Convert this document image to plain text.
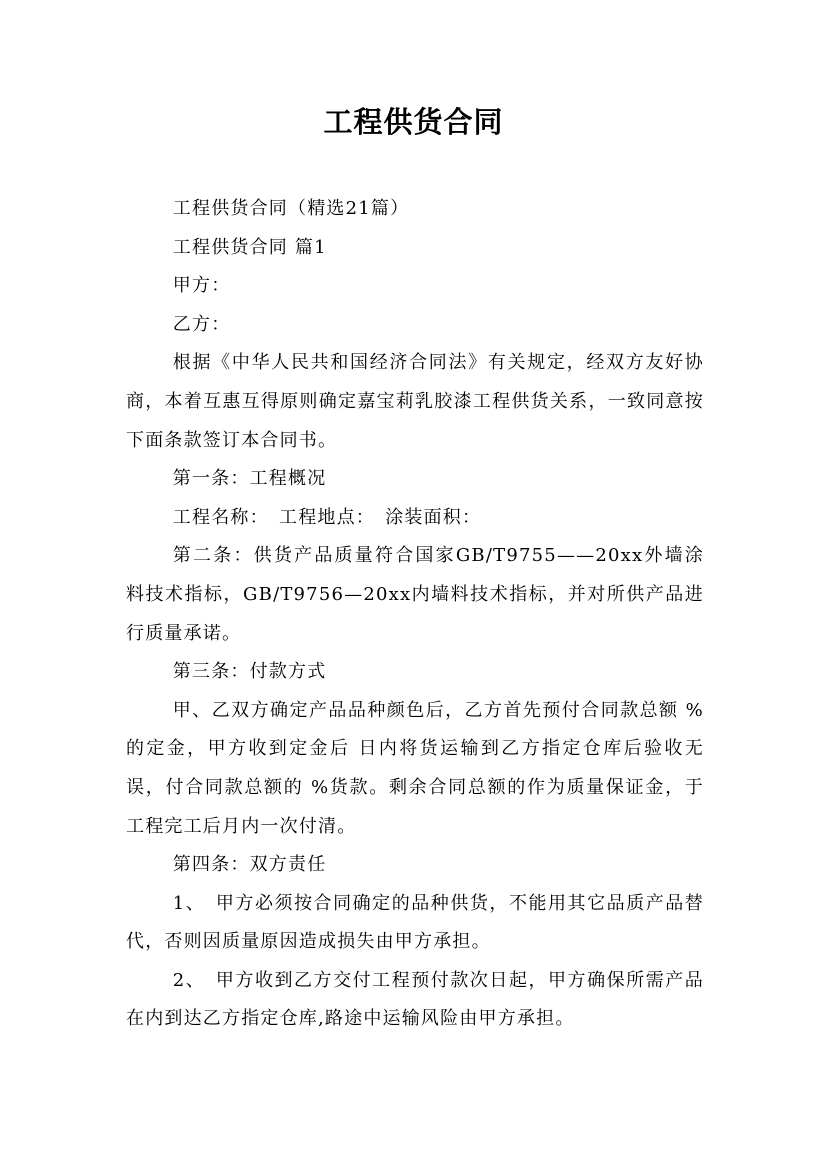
工程供货合同

工程供货合同（精选21篇）

工程供货合同 篇1

甲方：

乙方：

根据《中华人民共和国经济合同法》有关规定，经双方友好协商，本着互惠互得原则确定嘉宝莉乳胶漆工程供货关系，一致同意按下面条款签订本合同书。

第一条：工程概况

工程名称：　工程地点：　涂装面积：

第二条：供货产品质量符合国家GB/T9755——20xx外墙涂料技术指标，GB/T9756—20xx内墙料技术指标，并对所供产品进行质量承诺。

第三条：付款方式

甲、乙双方确定产品品种颜色后，乙方首先预付合同款总额 %的定金，甲方收到定金后 日内将货运输到乙方指定仓库后验收无误，付合同款总额的 %货款。剩余合同总额的作为质量保证金，于工程完工后月内一次付清。

第四条：双方责任

1、　甲方必须按合同确定的品种供货，不能用其它品质产品替代，否则因质量原因造成损失由甲方承担。

2、　甲方收到乙方交付工程预付款次日起，甲方确保所需产品在内到达乙方指定仓库,路途中运输风险由甲方承担。
